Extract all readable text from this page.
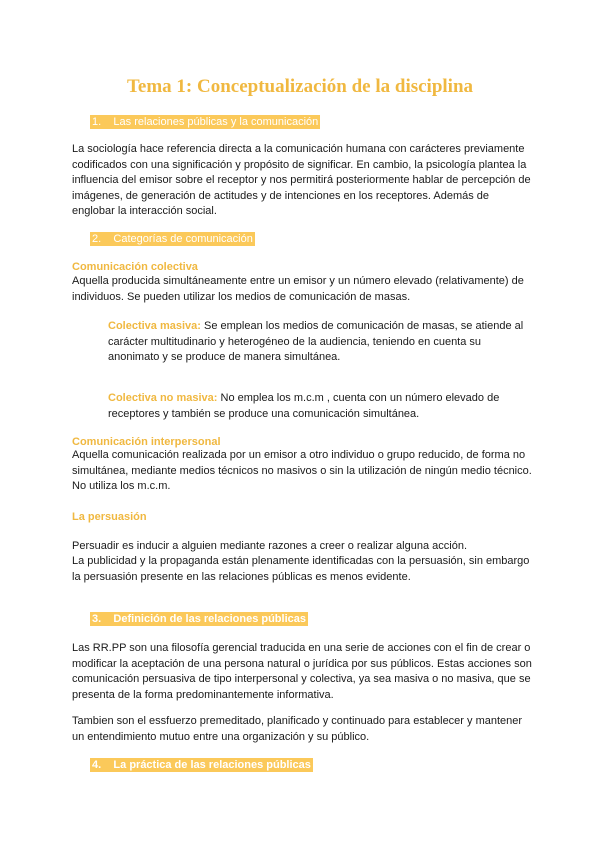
Tema 1: Conceptualización de la disciplina
1. Las relaciones públicas y la comunicación

La sociología hace referencia directa a la comunicación humana con carácteres previamente codificados con una significación y propósito de significar. En cambio, la psicología plantea la influencia del emisor sobre el receptor y nos permitirá posteriormente hablar de percepción de imágenes, de generación de actitudes y de intenciones en los receptores. Además de englobar la interacción social.

2. Categorías de comunicación
Comunicación colectiva

Aquella producida simultáneamente entre un emisor y un número elevado (relativamente) de individuos. Se pueden utilizar los medios de comunicación de masas.

Colectiva masiva: Se emplean los medios de comunicación de masas, se atiende al carácter multitudinario y heterogéneo de la audiencia, teniendo en cuenta su anonimato y se produce de manera simultánea.

Colectiva no masiva: No emplea los m.c.m , cuenta con un número elevado de receptores y también se produce una comunicación simultánea.

Comunicación interpersonal

Aquella comunicación realizada por un emisor a otro individuo o grupo reducido, de forma no simultánea, mediante medios técnicos no masivos o sin la utilización de ningún medio técnico. No utiliza los m.c.m.

La persuasión

Persuadir es inducir a alguien mediante razones a creer o realizar alguna acción.

La publicidad y la propaganda están plenamente identificadas con la persuasión, sin embargo la persuasión presente en las relaciones públicas es menos evidente.

3. Definición de las relaciones públicas

Las RR.PP son una filosofía gerencial traducida en una serie de acciones con el fin de crear o modificar la aceptación de una persona natural o jurídica por sus públicos. Estas acciones son comunicación persuasiva de tipo interpersonal y colectiva, ya sea masiva o no masiva, que se presenta de la forma predominantemente informativa.

Tambien son el essfuerzo premeditado, planificado y continuado para establecer y mantener un entendimiento mutuo entre una organización y su público.

4. La práctica de las relaciones públicas
